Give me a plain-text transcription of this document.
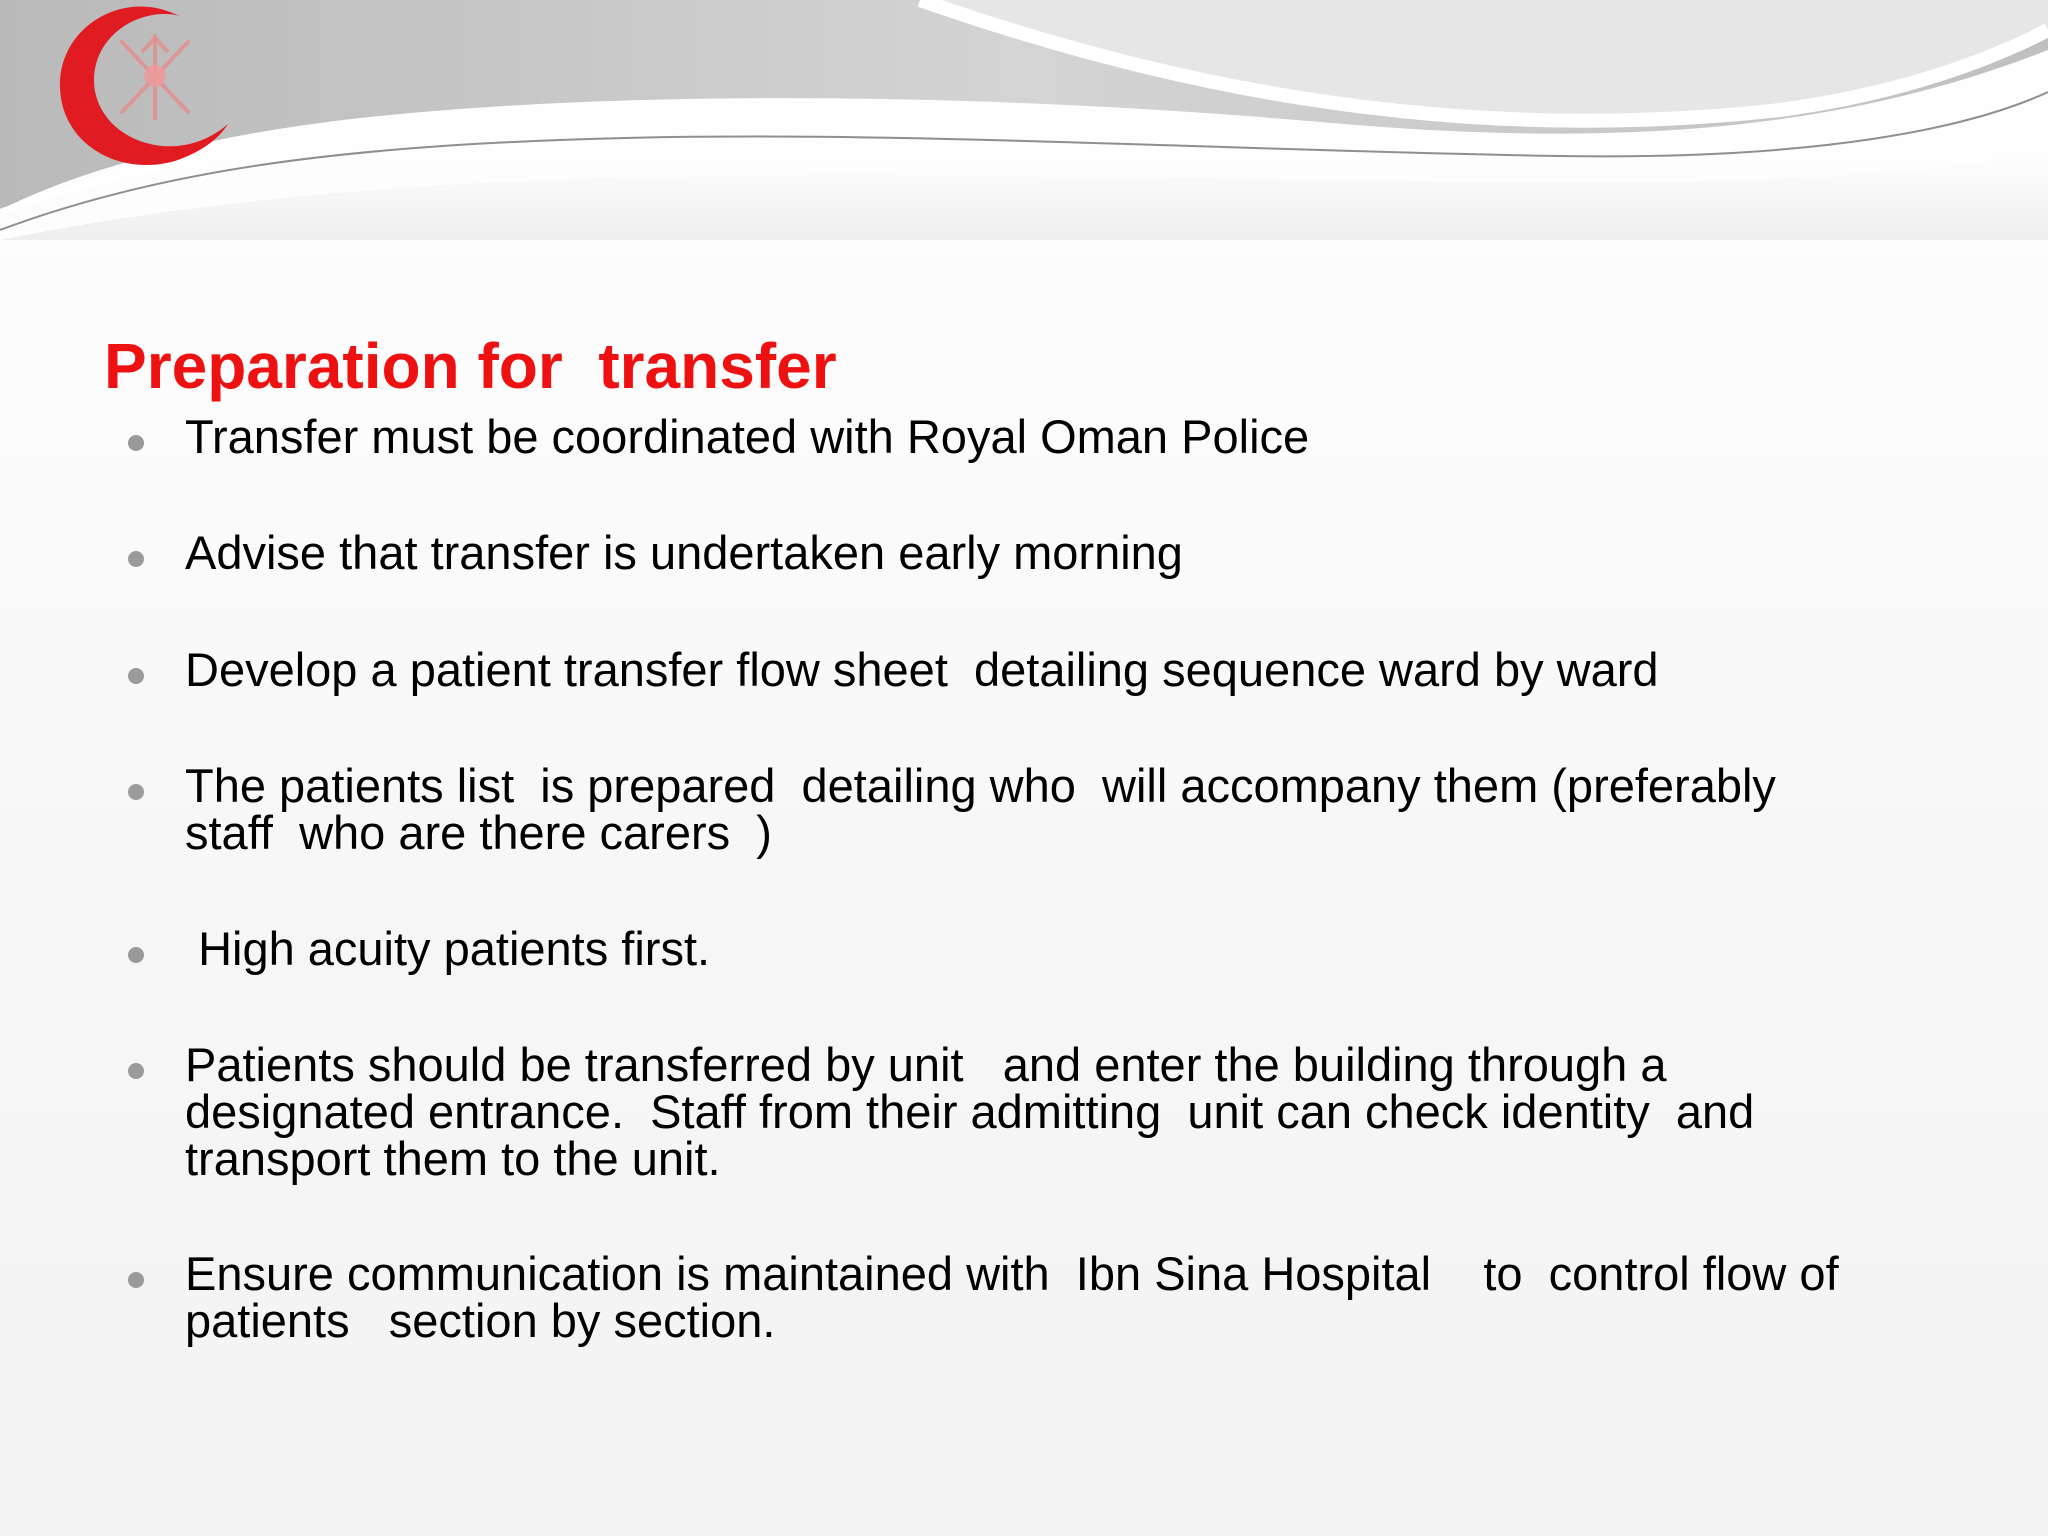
Preparation for  transfer
Transfer must be coordinated with Royal Oman Police
Advise that transfer is undertaken early morning
Develop a patient transfer flow sheet  detailing sequence ward by ward
The patients list  is prepared  detailing who  will accompany them (preferably staff  who are there carers  )
High acuity patients first.
Patients should be transferred by unit   and enter the building through a designated entrance.  Staff from their admitting  unit can check identity  and transport them to the unit.
Ensure communication is maintained with  Ibn Sina Hospital    to  control flow of patients   section by section.
